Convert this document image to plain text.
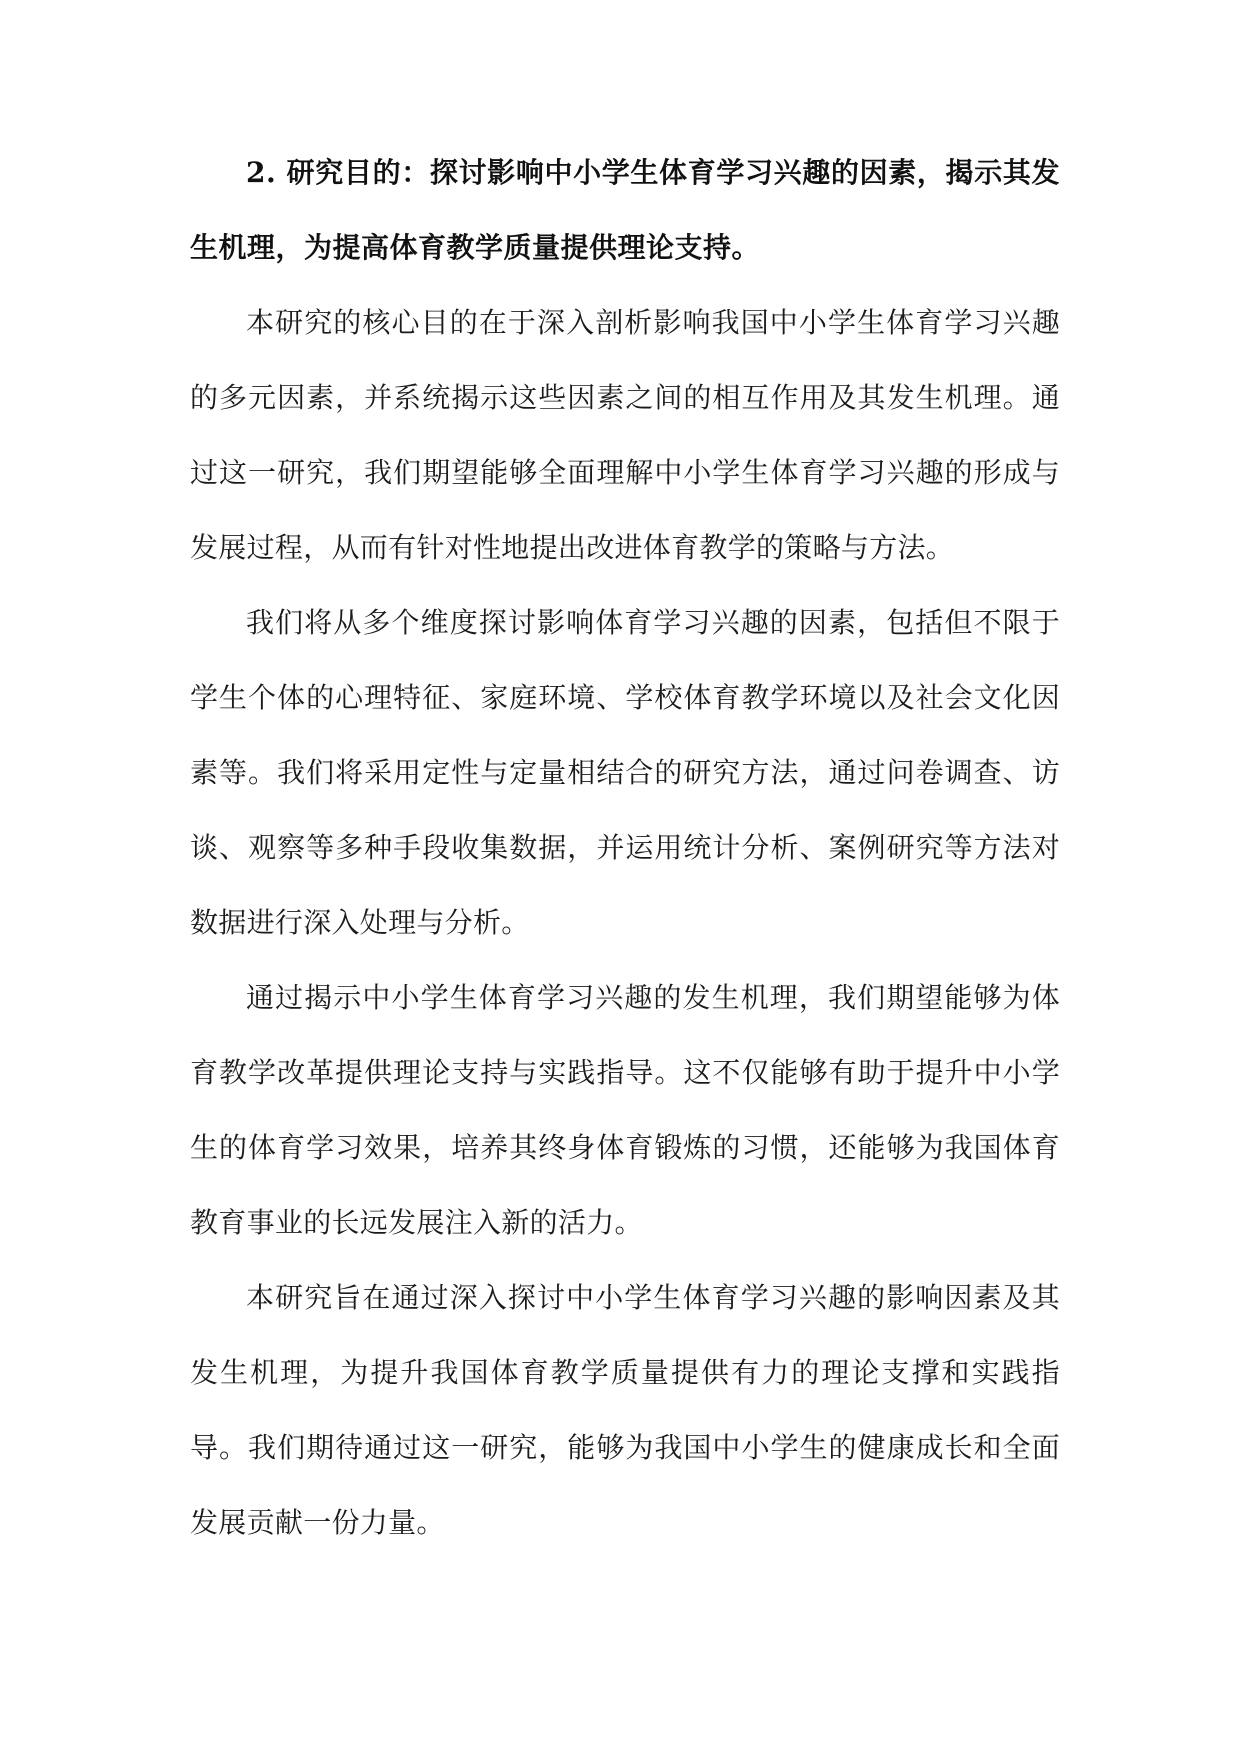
2. 研究目的：探讨影响中小学生体育学习兴趣的因素，揭示其发生机理，为提高体育教学质量提供理论支持。

本研究的核心目的在于深入剖析影响我国中小学生体育学习兴趣的多元因素，并系统揭示这些因素之间的相互作用及其发生机理。通过这一研究，我们期望能够全面理解中小学生体育学习兴趣的形成与发展过程，从而有针对性地提出改进体育教学的策略与方法。

我们将从多个维度探讨影响体育学习兴趣的因素，包括但不限于学生个体的心理特征、家庭环境、学校体育教学环境以及社会文化因素等。我们将采用定性与定量相结合的研究方法，通过问卷调查、访谈、观察等多种手段收集数据，并运用统计分析、案例研究等方法对数据进行深入处理与分析。

通过揭示中小学生体育学习兴趣的发生机理，我们期望能够为体育教学改革提供理论支持与实践指导。这不仅能够有助于提升中小学生的体育学习效果，培养其终身体育锻炼的习惯，还能够为我国体育教育事业的长远发展注入新的活力。

本研究旨在通过深入探讨中小学生体育学习兴趣的影响因素及其发生机理，为提升我国体育教学质量提供有力的理论支撑和实践指导。我们期待通过这一研究，能够为我国中小学生的健康成长和全面发展贡献一份力量。
